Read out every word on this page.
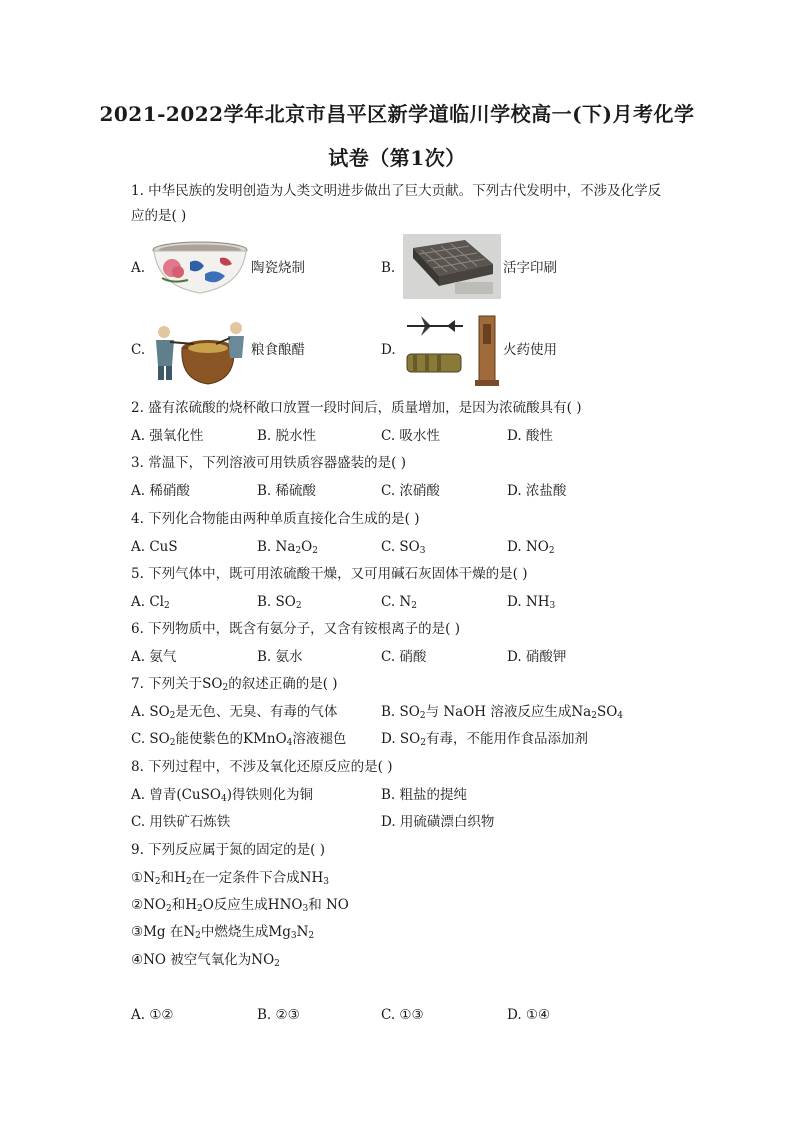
2021-2022学年北京市昌平区新学道临川学校高一(下)月考化学
试卷（第1次）
1. 中华民族的发明创造为人类文明进步做出了巨大贡献。下列古代发明中，不涉及化学反
应的是( )
A.	陶瓷烧制	B.	活字印刷
C.	粮食酿醋	D.	火药使用
2. 盛有浓硫酸的烧杯敞口放置一段时间后，质量增加，是因为浓硫酸具有( )
A. 强氧化性	B. 脱水性	C. 吸水性	D. 酸性
3. 常温下，下列溶液可用铁质容器盛装的是( )
A. 稀硝酸	B. 稀硫酸	C. 浓硝酸	D. 浓盐酸
4. 下列化合物能由两种单质直接化合生成的是( )
A. CuS	B. $Na_2O_2$	C. $SO_3$	D. $NO_2$
5. 下列气体中，既可用浓硫酸干燥，又可用碱石灰固体干燥的是( )
A. $Cl_2$	B. $SO_2$	C. $N_2$	D. $NH_3$
6. 下列物质中，既含有氨分子，又含有铵根离子的是( )
A. 氨气	B. 氨水	C. 硝酸	D. 硝酸钾
7. 下列关于$SO_2$的叙述正确的是( )
A. $SO_2$是无色、无臭、有毒的气体	B. $SO_2$与 NaOH 溶液反应生成$Na_2SO_4$
C. $SO_2$能使紫色的KMnO$_4$溶液褪色	D. $SO_2$有毒，不能用作食品添加剂
8. 下列过程中，不涉及氧化还原反应的是( )
A. 曾青(CuSO$_4$)得铁则化为铜	B. 粗盐的提纯
C. 用铁矿石炼铁	D. 用硫磺漂白织物
9. 下列反应属于氮的固定的是( )
$①N_2$和$H_2$在一定条件下合成$NH_3$
$②NO_2$和$H_2O$反应生成$HNO_3$和 NO
③Mg 在$N_2$中燃烧生成$Mg_3N_2$
④NO 被空气氧化为$NO_2$
A. ①②	B. ②③	C. ①③	D. ①④
